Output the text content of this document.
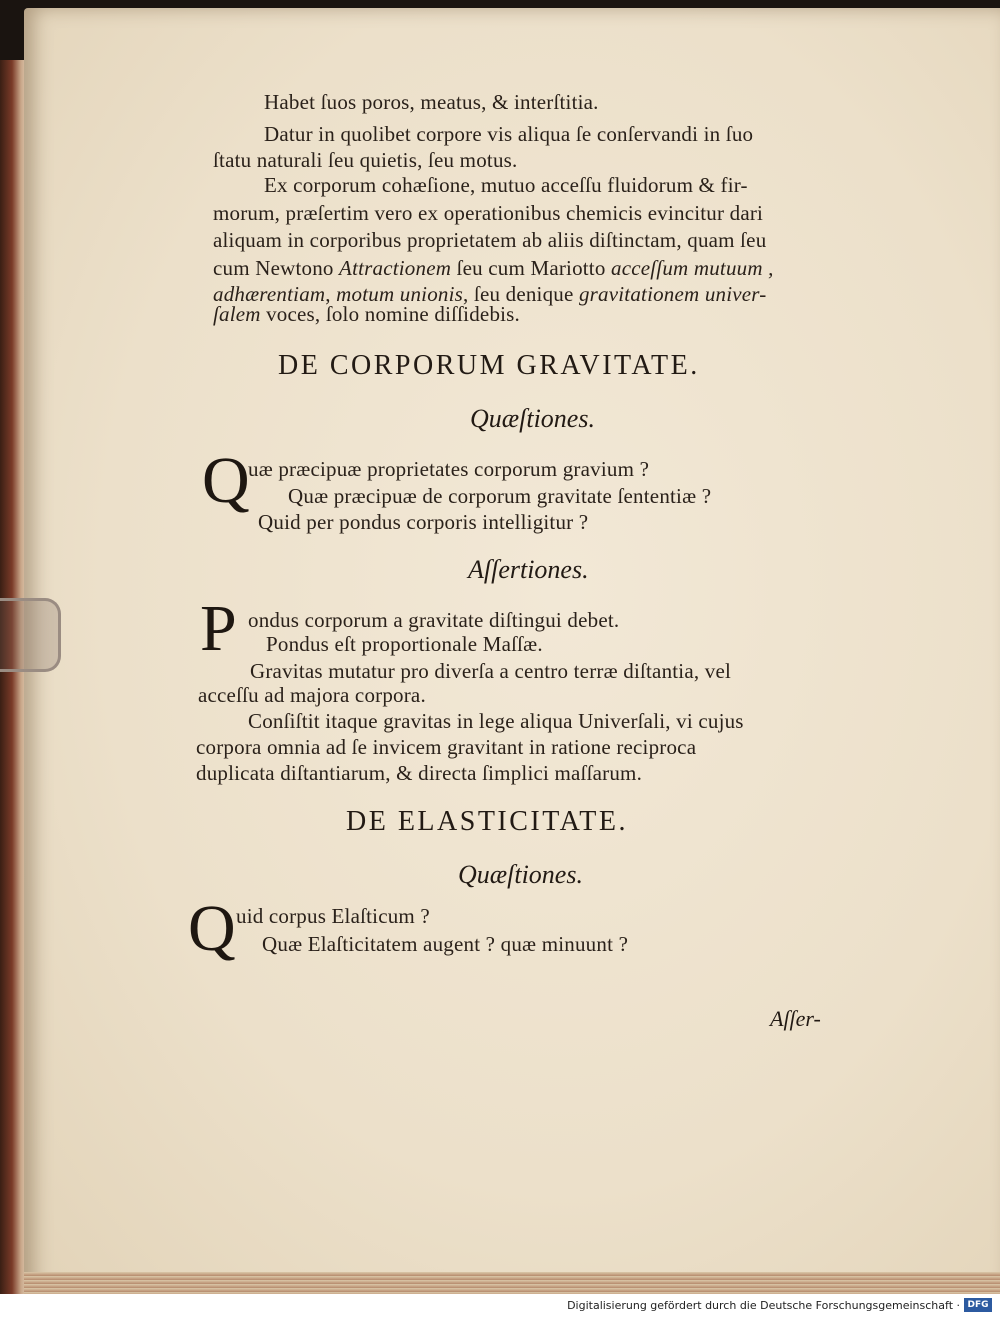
Habet ſuos poros, meatus, & interſtitia.
Datur in quolibet corpore vis aliqua ſe conſervandi in ſuo
ſtatu naturali ſeu quietis, ſeu motus.
Ex corporum cohæſione, mutuo acceſſu fluidorum & fir-
morum, præſertim vero ex operationibus chemicis evincitur dari
aliquam in corporibus proprietatem ab aliis diſtinctam, quam ſeu
cum Newtono Attractionem ſeu cum Mariotto acceſſum mutuum ,
adhærentiam, motum unionis, ſeu denique gravitationem univer-
ſalem voces, ſolo nomine diſſidebis.
DE CORPORUM GRAVITATE.
Quæſtiones.
Q
uæ præcipuæ proprietates corporum gravium ?
Quæ præcipuæ de corporum gravitate ſententiæ ?
Quid per pondus corporis intelligitur ?
Aſſertiones.
P ondus corporum a gravitate diſtingui debet.
Pondus eſt proportionale Maſſæ.
Gravitas mutatur pro diverſa a centro terræ diſtantia, vel
acceſſu ad majora corpora.
Conſiſtit itaque gravitas in lege aliqua Univerſali, vi cujus
corpora omnia ad ſe invicem gravitant in ratione reciproca
duplicata diſtantiarum, & directa ſimplici maſſarum.
DE ELASTICITATE.
Quæſtiones.
Q uid corpus Elaſticum ?
Quæ Elaſticitatem augent ? quæ minuunt ?
Aſſer-
Digitalisierung gefördert durch die Deutsche Forschungsgemeinschaft · DFG
